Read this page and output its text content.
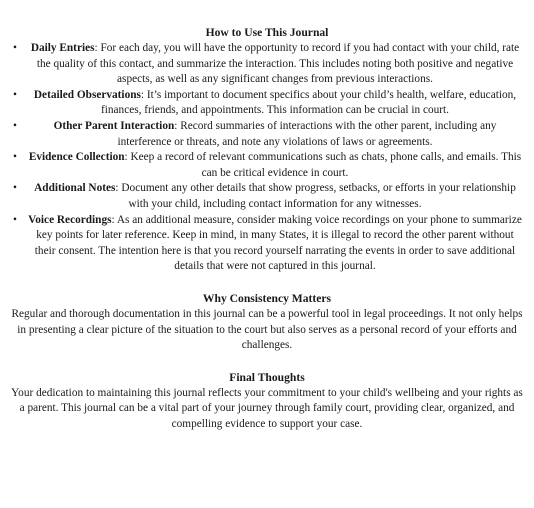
How to Use This Journal
•	Daily Entries: For each day, you will have the opportunity to record if you had contact with your child, rate the quality of this contact, and summarize the interaction. This includes noting both positive and negative aspects, as well as any significant changes from previous interactions.
•	Detailed Observations: It’s important to document specifics about your child’s health, welfare, education, finances, friends, and appointments. This information can be crucial in court.
•	Other Parent Interaction: Record summaries of interactions with the other parent, including any interference or threats, and note any violations of laws or agreements.
•	Evidence Collection: Keep a record of relevant communications such as chats, phone calls, and emails. This can be critical evidence in court.
•	Additional Notes: Document any other details that show progress, setbacks, or efforts in your relationship with your child, including contact information for any witnesses.
• Voice Recordings: As an additional measure, consider making voice recordings on your phone to summarize key points for later reference. Keep in mind, in many States, it is illegal to record the other parent without their consent. The intention here is that you record yourself narrating the events in order to save additional details that were not captured in this journal.
Why Consistency Matters

Regular and thorough documentation in this journal can be a powerful tool in legal proceedings. It not only helps in presenting a clear picture of the situation to the court but also serves as a personal record of your efforts and challenges.

Final Thoughts

Your dedication to maintaining this journal reflects your commitment to your child's wellbeing and your rights as a parent. This journal can be a vital part of your journey through family court, providing clear, organized, and compelling evidence to support your case.
